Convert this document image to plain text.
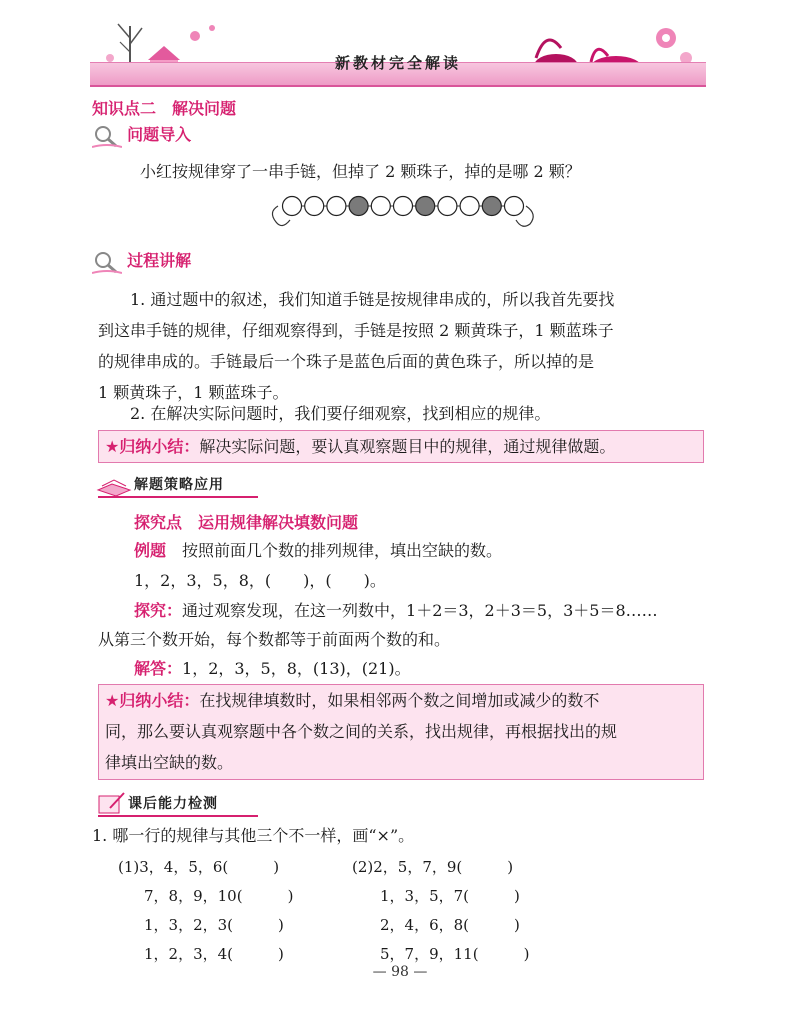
新教材完全解读
知识点二　解决问题
问题导入
小红按规律穿了一串手链，但掉了 2 颗珠子，掉的是哪 2 颗？
过程讲解
1. 通过题中的叙述，我们知道手链是按规律串成的，所以我首先要找
到这串手链的规律，仔细观察得到，手链是按照 2 颗黄珠子，1 颗蓝珠子
的规律串成的。手链最后一个珠子是蓝色后面的黄色珠子，所以掉的是
1 颗黄珠子，1 颗蓝珠子。
2. 在解决实际问题时，我们要仔细观察，找到相应的规律。
★归纳小结：解决实际问题，要认真观察题目中的规律，通过规律做题。
解题策略应用
探究点　运用规律解决填数问题
例题　 按照前面几个数的排列规律，填出空缺的数。
1，2，3，5，8，(　　)，(　　)。
探究：通过观察发现，在这一列数中，1＋2＝3，2＋3＝5，3＋5＝8……
从第三个数开始，每个数都等于前面两个数的和。
解答：1，2，3，5，8，(13)，(21)。
★归纳小结：在找规律填数时，如果相邻两个数之间增加或减少的数不
同，那么要认真观察题中各个数之间的关系，找出规律，再根据找出的规
律填出空缺的数。
课后能力检测
1. 哪一行的规律与其他三个不一样，画“×”。
(1)3，4，5，6(　　　)
7，8，9，10(　　　)
1，3，2，3(　　　)
1，2，3，4(　　　)
(2)2，5，7，9(　　　)
1，3，5，7(　　　)
2，4，6，8(　　　)
5，7，9，11(　　　)
— 98 —
